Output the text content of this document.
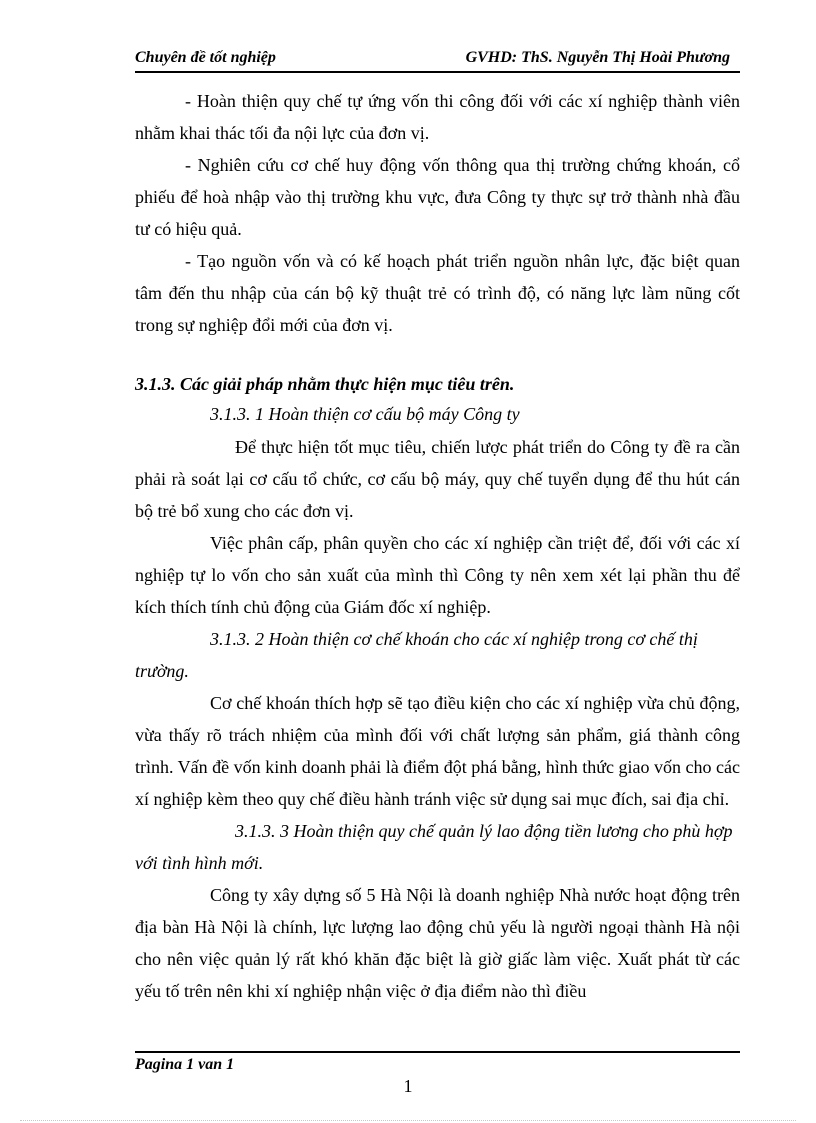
Chuyên đề tốt nghiệp	GVHD: ThS. Nguyễn Thị Hoài Phương

- Hoàn thiện quy chế tự ứng vốn thi công đối với các xí nghiệp thành viên nhằm khai thác tối đa nội lực của đơn vị.

- Nghiên cứu cơ chế huy động vốn thông qua thị trường chứng khoán, cổ phiếu để hoà nhập vào thị trường khu vực, đưa Công ty thực sự trở thành nhà đầu tư có hiệu quả.

- Tạo nguồn vốn và có kế hoạch phát triển nguồn nhân lực, đặc biệt quan tâm đến thu nhập của cán bộ kỹ thuật trẻ có trình độ, có năng lực làm nũng cốt trong sự nghiệp đổi mới của đơn vị.

3.1.3. Các giải pháp nhằm thực hiện mục tiêu trên.

3.1.3. 1 Hoàn thiện cơ cấu bộ máy Công ty

Để thực hiện tốt mục tiêu, chiến lược phát triển do Công ty đề ra cần phải rà soát lại cơ cấu tổ chức, cơ cấu bộ máy, quy chế tuyển dụng để thu hút cán bộ trẻ bổ xung cho các đơn vị.

Việc phân cấp, phân quyền cho các xí nghiệp cần triệt để, đối với các xí nghiệp tự lo vốn cho sản xuất của mình thì Công ty nên xem xét lại phần thu để kích thích tính chủ động của Giám đốc xí nghiệp.

3.1.3. 2 Hoàn thiện cơ chế khoán cho các xí nghiệp trong cơ chế thị trường.

Cơ chế khoán thích hợp sẽ tạo điều kiện cho các xí nghiệp vừa chủ động, vừa thấy rõ trách nhiệm của mình đối với chất lượng sản phẩm, giá thành công trình. Vấn đề vốn kinh doanh phải là điểm đột phá bằng, hình thức giao vốn cho các xí nghiệp kèm theo quy chế điều hành tránh việc sử dụng sai mục đích, sai địa chỉ.

3.1.3. 3 Hoàn thiện quy chế quản lý lao động tiền lương cho phù hợp với tình hình mới.

Công ty xây dựng số 5 Hà Nội là doanh nghiệp Nhà nước hoạt động trên địa bàn Hà Nội là chính, lực lượng lao động chủ yếu là người ngoại thành Hà nội cho nên việc quản lý rất khó khăn đặc biệt là giờ giấc làm việc. Xuất phát từ các yếu tố trên nên khi xí nghiệp nhận việc ở địa điểm nào thì điều

Pagina 1 van 1
1
